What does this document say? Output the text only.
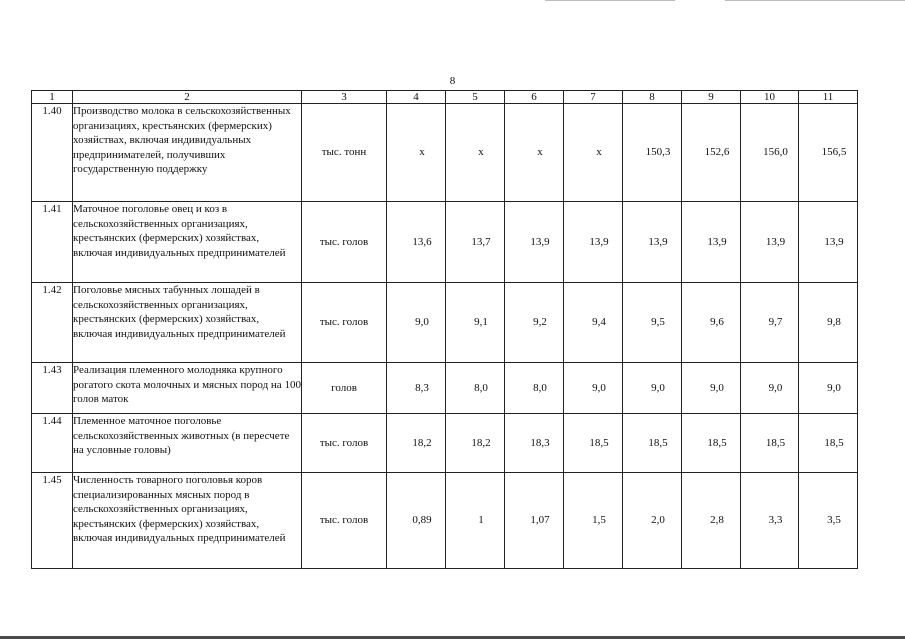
8
1	2	3	4	5	6	7	8	9	10	11
1.40	Производство молока в сельскохозяйственных организациях, крестьянских (фермерских) хозяйствах, включая индивидуальных предпринимателей, получивших государственную поддержку	тыс. тонн	х	х	х	х	150,3	152,6	156,0	156,5
1.41	Маточное поголовье овец и коз в сельскохозяйственных организациях, крестьянских (фермерских) хозяйствах, включая индивидуальных предпринимателей	тыс. голов	13,6	13,7	13,9	13,9	13,9	13,9	13,9	13,9
1.42	Поголовье мясных табунных лошадей в сельскохозяйственных организациях, крестьянских (фермерских) хозяйствах, включая индивидуальных предпринимателей	тыс. голов	9,0	9,1	9,2	9,4	9,5	9,6	9,7	9,8
1.43	Реализация племенного молодняка крупного рогатого скота молочных и мясных пород на 100 голов маток	голов	8,3	8,0	8,0	9,0	9,0	9,0	9,0	9,0
1.44	Племенное маточное поголовье сельскохозяйственных животных (в пересчете на условные головы)	тыс. голов	18,2	18,2	18,3	18,5	18,5	18,5	18,5	18,5
1.45	Численность товарного поголовья коров специализированных мясных пород в сельскохозяйственных организациях, крестьянских (фермерских) хозяйствах, включая индивидуальных предпринимателей	тыс. голов	0,89	1	1,07	1,5	2,0	2,8	3,3	3,5
